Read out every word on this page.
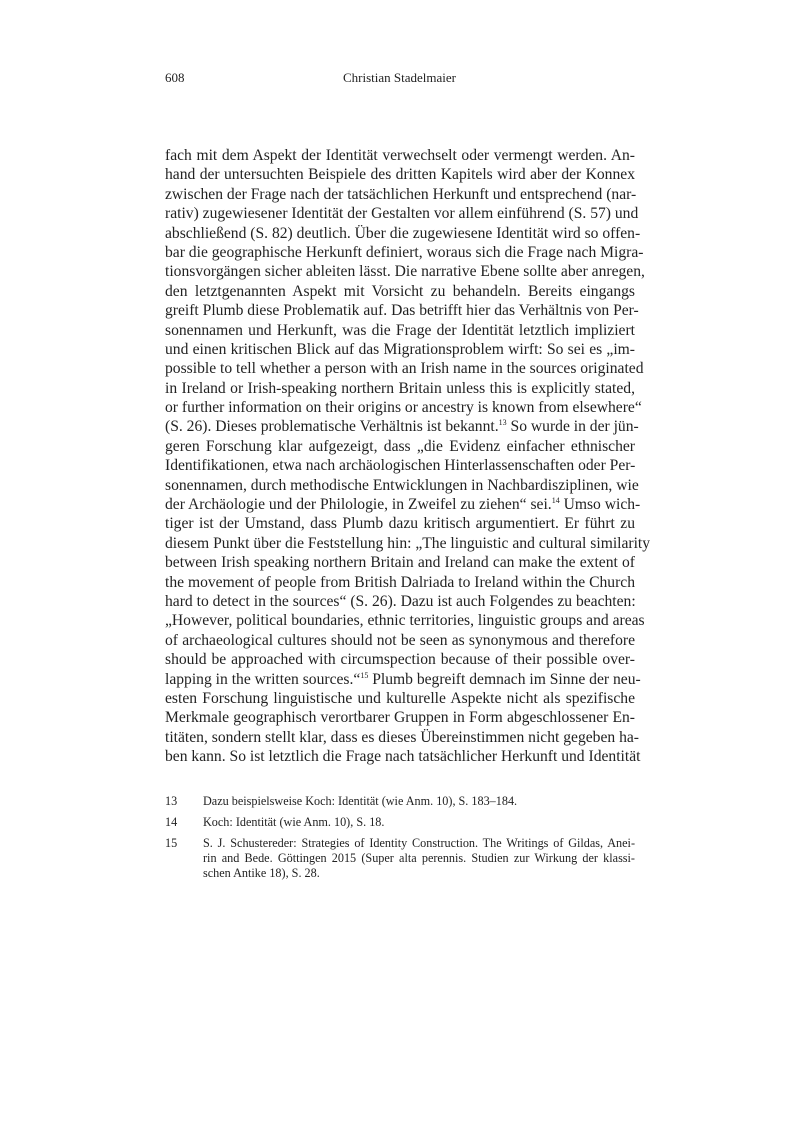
608	Christian Stadelmaier
fach mit dem Aspekt der Identität verwechselt oder vermengt werden. An-
hand der untersuchten Beispiele des dritten Kapitels wird aber der Konnex
zwischen der Frage nach der tatsächlichen Herkunft und entsprechend (nar-
rativ) zugewiesener Identität der Gestalten vor allem einführend (S. 57) und
abschließend (S. 82) deutlich. Über die zugewiesene Identität wird so offen-
bar die geographische Herkunft definiert, woraus sich die Frage nach Migra-
tionsvorgängen sicher ableiten lässt. Die narrative Ebene sollte aber anregen,
den letztgenannten Aspekt mit Vorsicht zu behandeln. Bereits eingangs
greift Plumb diese Problematik auf. Das betrifft hier das Verhältnis von Per-
sonennamen und Herkunft, was die Frage der Identität letztlich impliziert
und einen kritischen Blick auf das Migrationsproblem wirft: So sei es „im-
possible to tell whether a person with an Irish name in the sources originated
in Ireland or Irish-speaking northern Britain unless this is explicitly stated,
or further information on their origins or ancestry is known from elsewhere“
(S. 26). Dieses problematische Verhältnis ist bekannt.$^{13}$ So wurde in der jün-
geren Forschung klar aufgezeigt, dass „die Evidenz einfacher ethnischer
Identifikationen, etwa nach archäologischen Hinterlassenschaften oder Per-
sonennamen, durch methodische Entwicklungen in Nachbardisziplinen, wie
der Archäologie und der Philologie, in Zweifel zu ziehen“ sei.$^{14}$ Umso wich-
tiger ist der Umstand, dass Plumb dazu kritisch argumentiert. Er führt zu
diesem Punkt über die Feststellung hin: „The linguistic and cultural similarity
between Irish speaking northern Britain and Ireland can make the extent of
the movement of people from British Dalriada to Ireland within the Church
hard to detect in the sources“ (S. 26). Dazu ist auch Folgendes zu beachten:
„However, political boundaries, ethnic territories, linguistic groups and areas
of archaeological cultures should not be seen as synonymous and therefore
should be approached with circumspection because of their possible over-
lapping in the written sources.“$^{15}$ Plumb begreift demnach im Sinne der neu-
esten Forschung linguistische und kulturelle Aspekte nicht als spezifische
Merkmale geographisch verortbarer Gruppen in Form abgeschlossener En-
titäten, sondern stellt klar, dass es dieses Übereinstimmen nicht gegeben ha-
ben kann. So ist letztlich die Frage nach tatsächlicher Herkunft und Identität
13	Dazu beispielsweise Koch: Identität (wie Anm. 10), S. 183–184.
14	Koch: Identität (wie Anm. 10), S. 18.
15	S. J. Schustereder: Strategies of Identity Construction. The Writings of Gildas, Anei-
rin and Bede. Göttingen 2015 (Super alta perennis. Studien zur Wirkung der klassi-
schen Antike 18), S. 28.
